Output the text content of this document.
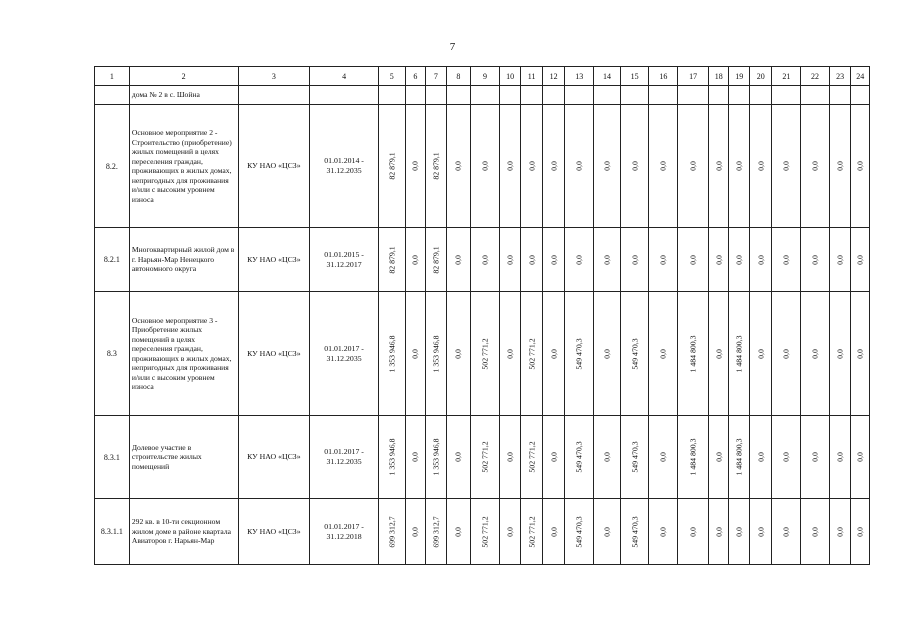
7
1	2	3	4	5	6	7	8	9	10	11	12	13	14	15	16	17	18	19	20	21	22	23	24
	дома № 2 в с. Шойна																						
8.2.	Основное мероприятие 2 - Строительство (приобретение) жилых помещений в целях переселения граждан, проживающих в жилых домах, непригодных для проживания и/или с высоким уровнем износа	КУ НАО «ЦСЗ»	01.01.2014 - 31.12.2035	82 879,1	0,0	82 879,1	0,0	0,0	0,0	0,0	0,0	0,0	0,0	0,0	0,0	0,0	0,0	0,0	0,0	0,0	0,0	0,0	0,0

8.2.1	Многоквартирный жилой дом в г. Нарьян-Мар Ненецкого автономного округа	КУ НАО «ЦСЗ»	01.01.2015 - 31.12.2017	82 879,1	0,0	82 879,1	0,0	0,0	0,0	0,0	0,0	0,0	0,0	0,0	0,0	0,0	0,0	0,0	0,0	0,0	0,0	0,0	0,0

8.3	Основное мероприятие 3 - Приобретение жилых помещений в целях переселения граждан, проживающих в жилых домах, непригодных для проживания и/или с высоким уровнем износа	КУ НАО «ЦСЗ»	01.01.2017 - 31.12.2035	1 353 946,8	0,0	1 353 946,8	0,0	502 771,2	0,0	502 771,2	0,0	549 470,3	0,0	549 470,3	0,0	1 484 800,3	0,0	1 484 800,3	0,0	0,0	0,0	0,0	0,0

8.3.1	Долевое участие в строительстве жилых помещений	КУ НАО «ЦСЗ»	01.01.2017 - 31.12.2035	1 353 946,8	0,0	1 353 946,8	0,0	502 771,2	0,0	502 771,2	0,0	549 470,3	0,0	549 470,3	0,0	1 484 800,3	0,0	1 484 800,3	0,0	0,0	0,0	0,0	0,0

8.3.1.1	292 кв. в 10-ти секционном жилом доме в районе квартала Авиаторов г. Нарьян-Мар	КУ НАО «ЦСЗ»	01.01.2017 - 31.12.2018	699 312,7	0,0	699 312,7	0,0	502 771,2	0,0	502 771,2	0,0	549 470,3	0,0	549 470,3	0,0	0,0	0,0	0,0	0,0	0,0	0,0	0,0	0,0
